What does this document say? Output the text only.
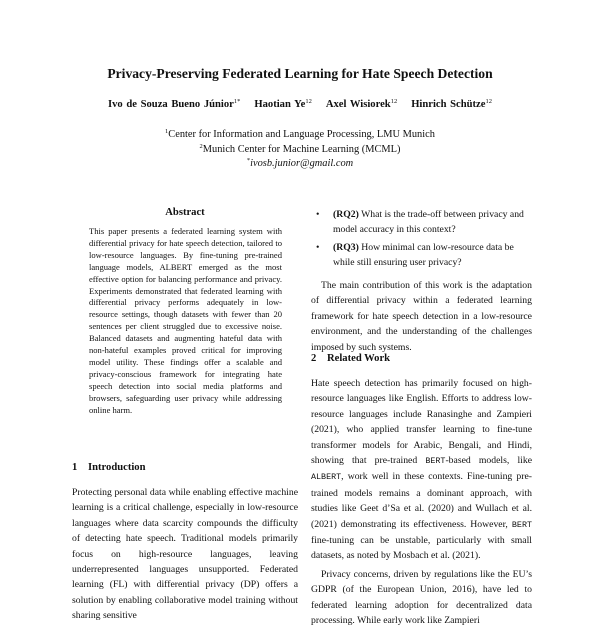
Privacy-Preserving Federated Learning for Hate Speech Detection
Ivo de Souza Bueno Júnior$^{1*}$ Haotian Ye$^{12}$ Axel Wisiorek$^{12}$ Hinrich Schütze$^{12}$
$^1$Center for Information and Language Processing, LMU Munich
$^2$Munich Center for Machine Learning (MCML)
*ivosb.junior@gmail.com
Abstract
This paper presents a federated learning system with differential privacy for hate speech detection, tailored to low-resource languages. By fine-tuning pre-trained language models, ALBERT emerged as the most effective option for balancing performance and privacy. Experiments demonstrated that federated learning with differential privacy performs adequately in low-resource settings, though datasets with fewer than 20 sentences per client struggled due to excessive noise. Balanced datasets and augmenting hateful data with non-hateful examples proved critical for improving model utility. These findings offer a scalable and privacy-conscious framework for integrating hate speech detection into social media platforms and browsers, safeguarding user privacy while addressing online harm.
1 Introduction
Protecting personal data while enabling effective machine learning is a critical challenge, especially in low-resource languages where data scarcity compounds the difficulty of detecting hate speech. Traditional models primarily focus on high-resource languages, leaving underrepresented languages unsupported. Federated learning (FL) with differential privacy (DP) offers a solution by enabling collaborative model training without sharing sensitive
• (RQ2) What is the trade-off between privacy and model accuracy in this context?
• (RQ3) How minimal can low-resource data be while still ensuring user privacy?

The main contribution of this work is the adaptation of differential privacy within a federated learning framework for hate speech detection in a low-resource environment, and the understanding of the challenges imposed by such systems.

2 Related Work

Hate speech detection has primarily focused on high-resource languages like English. Efforts to address low-resource languages include Ranasinghe and Zampieri (2021), who applied transfer learning to fine-tune transformer models for Arabic, Bengali, and Hindi, showing that pre-trained BERT-based models, like ALBERT, work well in these contexts. Fine-tuning pre-trained models remains a dominant approach, with studies like Geet d’Sa et al. (2020) and Wullach et al. (2021) demonstrating its effectiveness. However, BERT fine-tuning can be unstable, particularly with small datasets, as noted by Mosbach et al. (2021).

Privacy concerns, driven by regulations like the EU’s GDPR (of the European Union, 2016), have led to federated learning adoption for decentralized data processing. While early work like Zampieri
